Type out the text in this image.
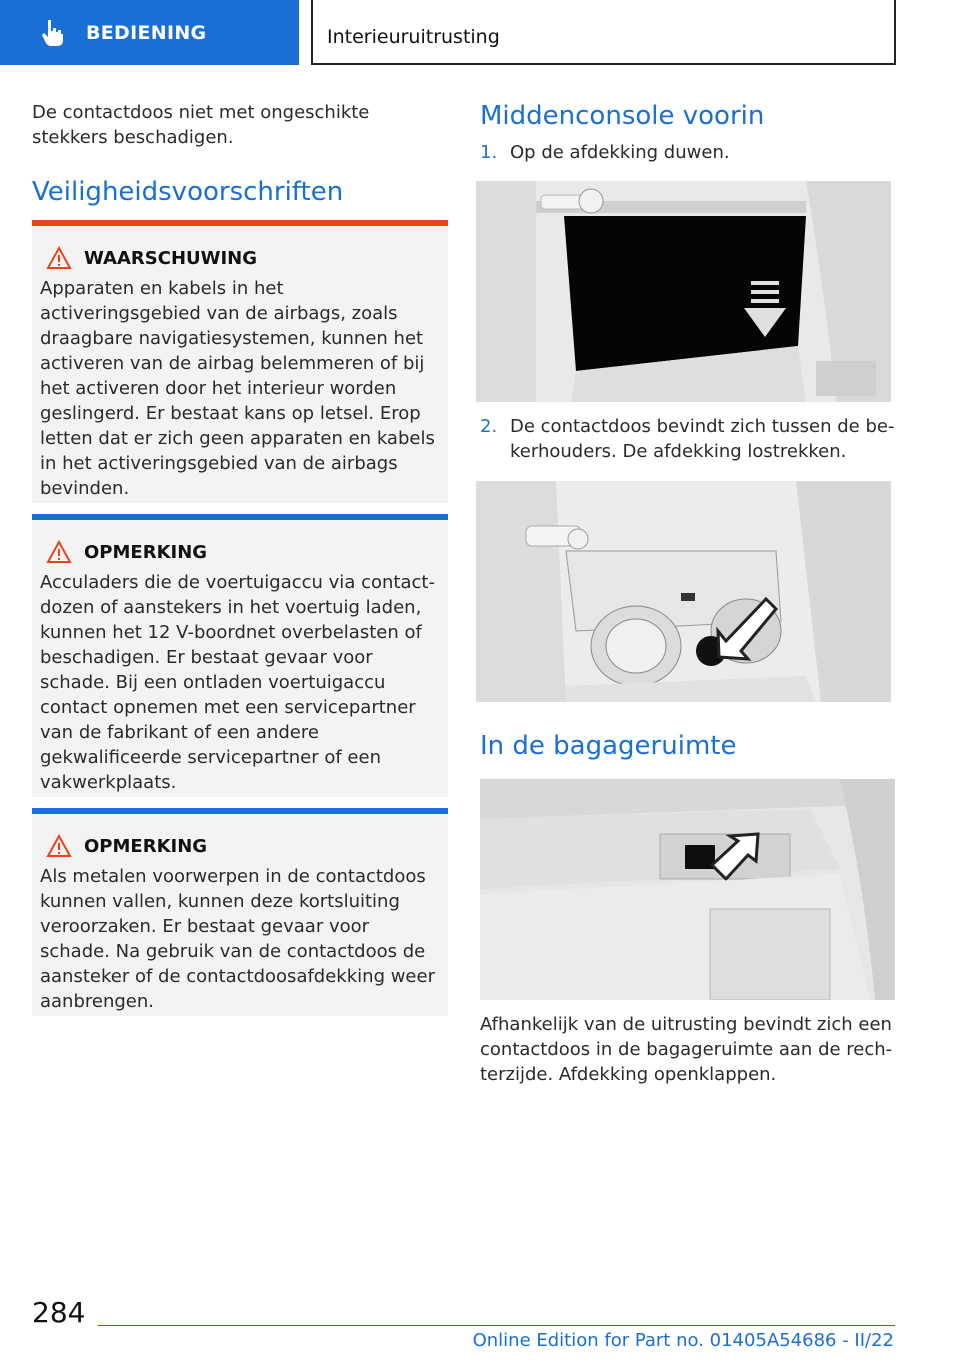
BEDIENING	Interieuruitrusting

De contactdoos niet met ongeschikte stekkers beschadigen.

Veiligheidsvoorschriften
WAARSCHUWING

Apparaten en kabels in het activeringsgebied van de airbags, zoals draagbare navigatiesystemen, kunnen het activeren van de airbag belemmeren of bij het activeren door het interieur worden geslingerd. Er bestaat kans op letsel. Erop letten dat er zich geen apparaten en kabels in het activeringsgebied van de airbags bevinden.

OPMERKING

Acculaders die de voertuigaccu via contactdozen of aanstekers in het voertuig laden, kunnen het 12 V-boordnet overbelasten of beschadigen. Er bestaat gevaar voor schade. Bij een ontladen voertuigaccu contact opnemen met een servicepartner van de fabrikant of een andere gekwalificeerde servicepartner of een vakwerkplaats.

OPMERKING

Als metalen voorwerpen in de contactdoos kunnen vallen, kunnen deze kortsluiting veroorzaken. Er bestaat gevaar voor schade. Na gebruik van de contactdoos de aansteker of de contactdoosafdekking weer aanbrengen.

Middenconsole voorin
1. Op de afdekking duwen.
2. De contactdoos bevindt zich tussen de bekerhouders. De afdekking lostrekken.
In de bagageruimte

Afhankelijk van de uitrusting bevindt zich een contactdoos in de bagageruimte aan de rechterzijde. Afdekking openklappen.

284
Online Edition for Part no. 01405A54686 - II/22
